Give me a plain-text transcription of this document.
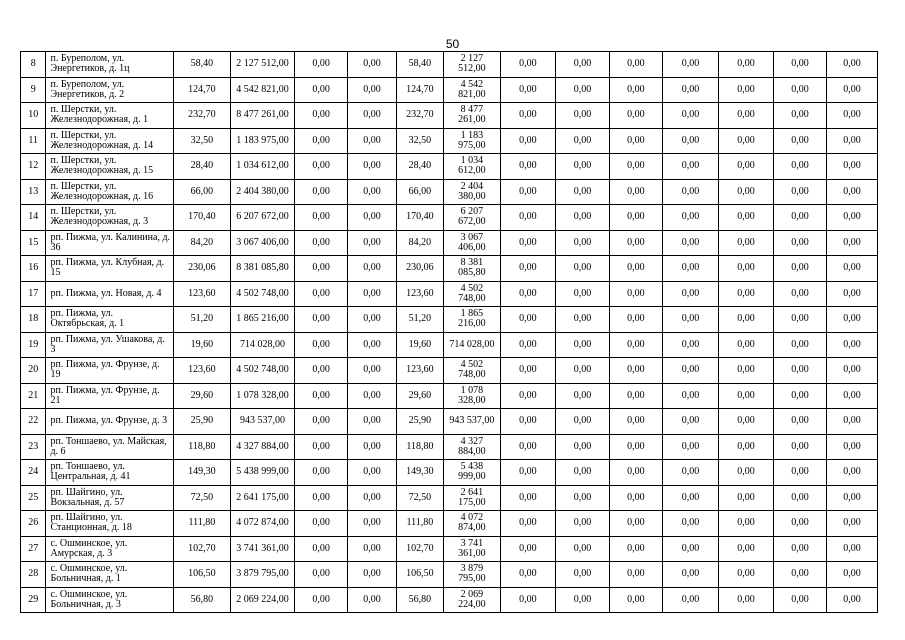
50
8	п. Буреполом, ул. Энергетиков, д. 1ц	58,40	2 127 512,00	0,00	0,00	58,40	2 127 512,00	0,00	0,00	0,00	0,00	0,00	0,00	0,00
9	п. Буреполом, ул. Энергетиков, д. 2	124,70	4 542 821,00	0,00	0,00	124,70	4 542 821,00	0,00	0,00	0,00	0,00	0,00	0,00	0,00
10	п. Шерстки, ул. Железнодорожная, д. 1	232,70	8 477 261,00	0,00	0,00	232,70	8 477 261,00	0,00	0,00	0,00	0,00	0,00	0,00	0,00
11	п. Шерстки, ул. Железнодорожная, д. 14	32,50	1 183 975,00	0,00	0,00	32,50	1 183 975,00	0,00	0,00	0,00	0,00	0,00	0,00	0,00
12	п. Шерстки, ул. Железнодорожная, д. 15	28,40	1 034 612,00	0,00	0,00	28,40	1 034 612,00	0,00	0,00	0,00	0,00	0,00	0,00	0,00
13	п. Шерстки, ул. Железнодорожная, д. 16	66,00	2 404 380,00	0,00	0,00	66,00	2 404 380,00	0,00	0,00	0,00	0,00	0,00	0,00	0,00
14	п. Шерстки, ул. Железнодорожная, д. 3	170,40	6 207 672,00	0,00	0,00	170,40	6 207 672,00	0,00	0,00	0,00	0,00	0,00	0,00	0,00
15	рп. Пижма, ул. Калинина, д. 36	84,20	3 067 406,00	0,00	0,00	84,20	3 067 406,00	0,00	0,00	0,00	0,00	0,00	0,00	0,00
16	рп. Пижма, ул. Клубная, д. 15	230,06	8 381 085,80	0,00	0,00	230,06	8 381 085,80	0,00	0,00	0,00	0,00	0,00	0,00	0,00
17	рп. Пижма, ул. Новая, д. 4	123,60	4 502 748,00	0,00	0,00	123,60	4 502 748,00	0,00	0,00	0,00	0,00	0,00	0,00	0,00
18	рп. Пижма, ул. Октябрьская, д. 1	51,20	1 865 216,00	0,00	0,00	51,20	1 865 216,00	0,00	0,00	0,00	0,00	0,00	0,00	0,00
19	рп. Пижма, ул. Ушакова, д. 3	19,60	714 028,00	0,00	0,00	19,60	714 028,00	0,00	0,00	0,00	0,00	0,00	0,00	0,00
20	рп. Пижма, ул. Фрунзе, д. 19	123,60	4 502 748,00	0,00	0,00	123,60	4 502 748,00	0,00	0,00	0,00	0,00	0,00	0,00	0,00
21	рп. Пижма, ул. Фрунзе, д. 21	29,60	1 078 328,00	0,00	0,00	29,60	1 078 328,00	0,00	0,00	0,00	0,00	0,00	0,00	0,00
22	рп. Пижма, ул. Фрунзе, д. 3	25,90	943 537,00	0,00	0,00	25,90	943 537,00	0,00	0,00	0,00	0,00	0,00	0,00	0,00
23	рп. Тоншаево, ул. Майская, д. 6	118,80	4 327 884,00	0,00	0,00	118,80	4 327 884,00	0,00	0,00	0,00	0,00	0,00	0,00	0,00
24	рп. Тоншаево, ул. Центральная, д. 41	149,30	5 438 999,00	0,00	0,00	149,30	5 438 999,00	0,00	0,00	0,00	0,00	0,00	0,00	0,00
25	рп. Шайгино, ул. Вокзальная, д. 57	72,50	2 641 175,00	0,00	0,00	72,50	2 641 175,00	0,00	0,00	0,00	0,00	0,00	0,00	0,00
26	рп. Шайгино, ул. Станционная, д. 18	111,80	4 072 874,00	0,00	0,00	111,80	4 072 874,00	0,00	0,00	0,00	0,00	0,00	0,00	0,00
27	с. Ошминское, ул. Амурская, д. 3	102,70	3 741 361,00	0,00	0,00	102,70	3 741 361,00	0,00	0,00	0,00	0,00	0,00	0,00	0,00
28	с. Ошминское, ул. Больничная, д. 1	106,50	3 879 795,00	0,00	0,00	106,50	3 879 795,00	0,00	0,00	0,00	0,00	0,00	0,00	0,00
29	с. Ошминское, ул. Больничная, д. 3	56,80	2 069 224,00	0,00	0,00	56,80	2 069 224,00	0,00	0,00	0,00	0,00	0,00	0,00	0,00
